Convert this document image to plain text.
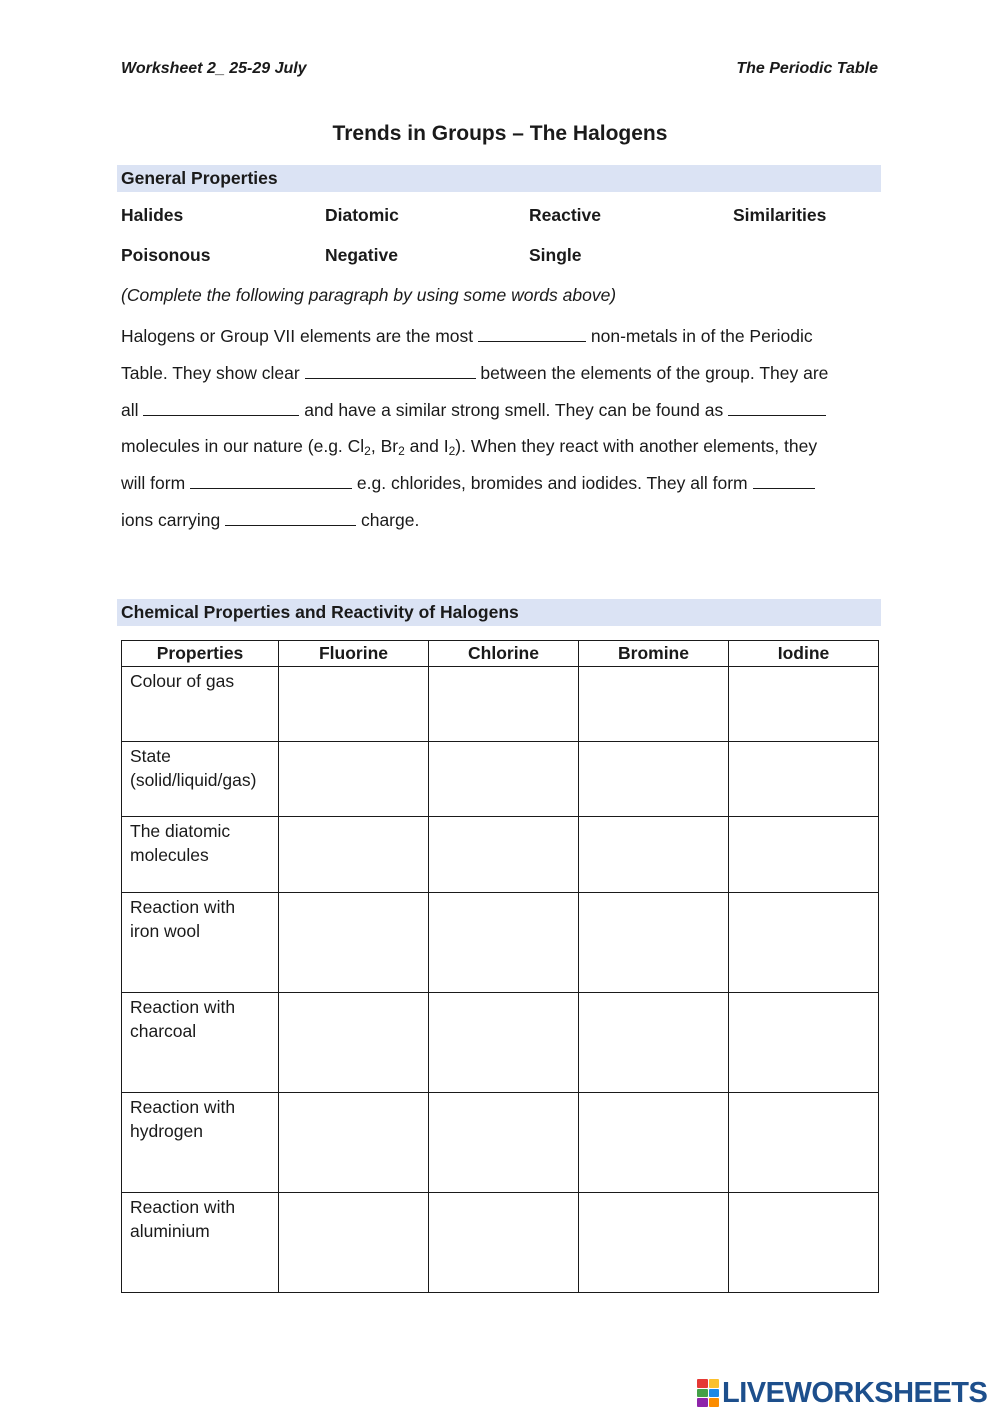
Worksheet 2_ 25-29 July	The Periodic Table
Trends in Groups – The Halogens
General Properties
Halides	Diatomic	Reactive	Similarities
Poisonous	Negative	Single
(Complete the following paragraph by using some words above)
Halogens or Group VII elements are the most	non-metals in of the Periodic
Table. They show clear	between the elements of the group. They are
all	and have a similar strong smell. They can be found as
molecules in our nature (e.g. $Cl_2$, $Br_2$ and $I_2$). When they react with another elements, they
will form	e.g. chlorides, bromides and iodides. They all form
ions carrying	charge.
Chemical Properties and Reactivity of Halogens
Properties	Fluorine	Chlorine	Bromine	Iodine

Colour of gas				

State
(solid/liquid/gas)				

The diatomic
molecules				

Reaction with
iron wool				

Reaction with
charcoal				

Reaction with
hydrogen				

Reaction with
aluminium				

LIVEWORKSHEETS
